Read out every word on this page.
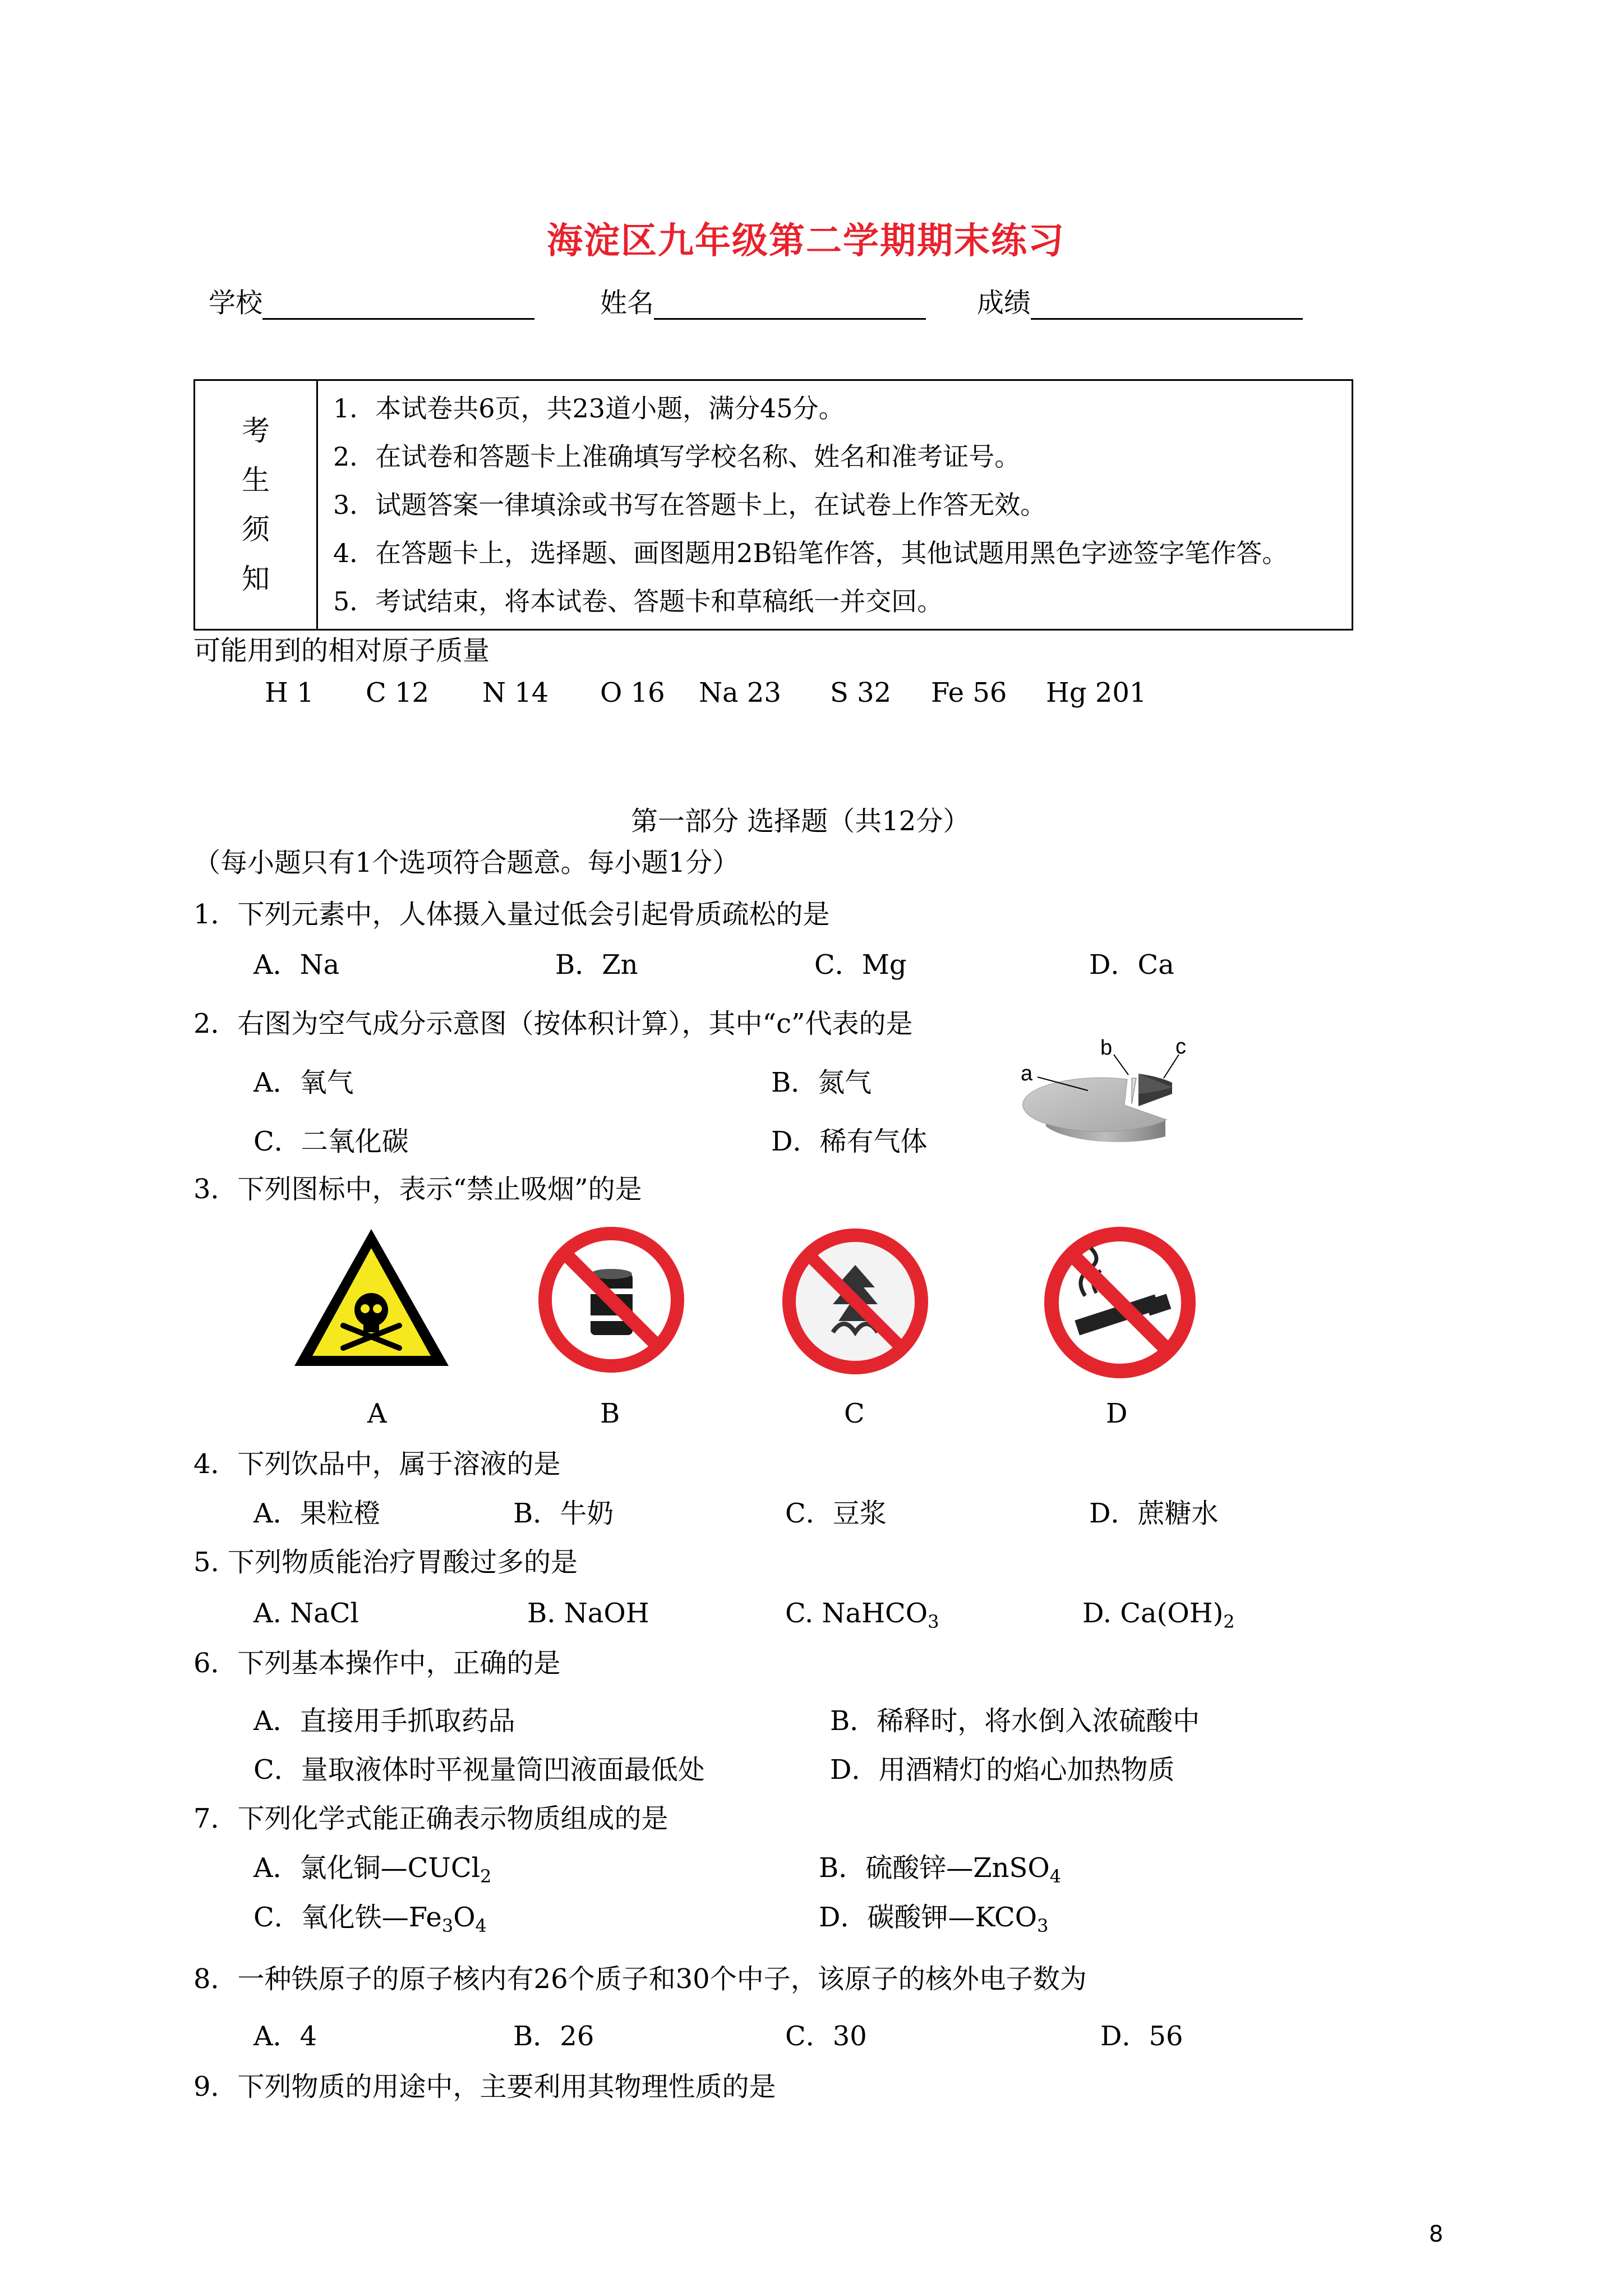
海淀区九年级第二学期期末练习
学校	姓名	成绩
考
生
须
知

1．本试卷共6页，共23道小题，满分45分。
2．在试卷和答题卡上准确填写学校名称、姓名和准考证号。
3．试题答案一律填涂或书写在答题卡上，在试卷上作答无效。
4．在答题卡上，选择题、画图题用2B铅笔作答，其他试题用黑色字迹签字笔作答。
5．考试结束，将本试卷、答题卡和草稿纸一并交回。
可能用到的相对原子质量
H 1 C 12 N 14 O 16 Na 23 S 32 Fe 56 Hg 201
第一部分 选择题（共12分）
（每小题只有1个选项符合题意。每小题1分）
1．下列元素中，人体摄入量过低会引起骨质疏松的是
A．Na	B．Zn	C．Mg	D．Ca
2．右图为空气成分示意图（按体积计算），其中“c”代表的是
A．氧气	B．氮气
C．二氧化碳	D．稀有气体
a
b	c
3．下列图标中，表示“禁止吸烟”的是
A	B	C	D
4．下列饮品中，属于溶液的是
A．果粒橙	B．牛奶	C．豆浆	D．蔗糖水
5. 下列物质能治疗胃酸过多的是
A. NaCl	B. NaOH	C. NaHCO$_3$	D. $Ca(OH)_2$
6．下列基本操作中，正确的是
A．直接用手抓取药品	B．稀释时，将水倒入浓硫酸中
C．量取液体时平视量筒凹液面最低处	D．用酒精灯的焰心加热物质
7．下列化学式能正确表示物质组成的是
A．氯化铜—CUCl$_2$	B．硫酸锌—ZnSO$_4$
C．氧化铁$—Fe_3O_4$	D．碳酸钾$—KCO_3$
8．一种铁原子的原子核内有26个质子和30个中子，该原子的核外电子数为
A．4	B．26	C．30	D．56
9．下列物质的用途中，主要利用其物理性质的是
8
